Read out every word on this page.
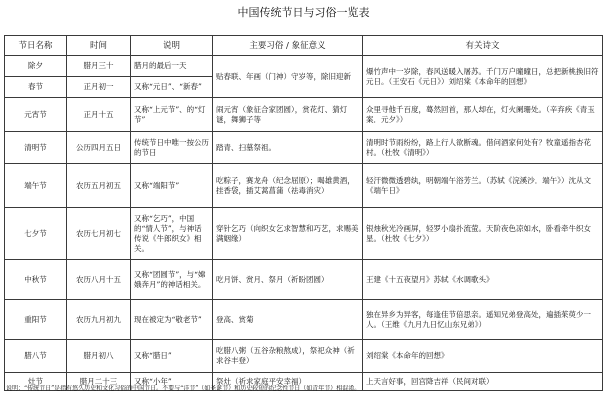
中国传统节日与习俗一览表
节日名称	时间	说明	主要习俗 / 象征意义	有关诗文
除夕	腊月三十	腊月的最后一天	贴春联、年画（门神）守岁等，除旧迎新	爆竹声中一岁除，春风送暖入屠苏。千门万户曈曈日，总把新桃换旧符元日。（王安石《元日》）刘绍棠《本命年的回想》
春节	正月初一	又称“元日”、“新春”		
元宵节	正月十五	又称“上元节”、的“灯节”	闹元宵（象征合家团圆），赏花灯、猜灯谜，舞狮子等	众里寻他千百度，蓦然回首，那人却在，灯火阑珊处。（辛弃疾《青玉案．元夕》）
清明节	公历四月五日	传统节日中唯一按公历的节日	踏青、扫墓祭祖。	清明时节雨纷纷，路上行人欲断魂。借问酒家何处有？牧童遥指杏花村。（杜牧《清明》）
端午节	农历五月初五	又称“端阳节”	吃粽子，赛龙舟（纪念屈原）；喝雄黄酒，挂香袋，插艾蒿菖蒲（祛毒消灾）	轻汗微微透碧纨，明朝端午浴芳兰。（苏轼《浣溪沙．端午》）沈从文《端午日》
七夕节	农历七月初七	又称“乞巧”，中国的“情人节”，与神话传说《牛郎织女》相关。	穿针乞巧（向织女乞求智慧和巧艺，求赐美满姻缘）	银烛秋光冷画屏，轻罗小扇扑流萤。天阶夜色凉如水，卧看牵牛织女星。（杜牧《七夕》）
中秋节	农历八月十五	又称“团圆节”，与“嫦娥奔月”的神话相关。	吃月饼、赏月、祭月（祈盼团圆）	王建《十五夜望月》苏轼《水调歌头》
重阳节	农历九月初九	现在被定为“敬老节”	登高、赏菊	独在异乡为异客，每逢佳节倍思亲。遥知兄弟登高处，遍插茱萸少一人。（王维《九月九日忆山东兄弟》）
腊八节	腊月初八	又称“腊日”	吃腊八粥（五谷杂粮熬成），祭祀众神（祈求谷丰登）	刘绍棠《本命年的回想》
灶节	腊月二十三	又称“小年”	祭灶（祈求家庭平安幸福）	上天言好事，回宫降吉祥（民间对联）
说明：“传统节日”是指有悠久历史和文化习俗的中国节日。不要与“洋节”（如圣诞节）和历史较短的纪念性节日（如青年节）相混淆。
